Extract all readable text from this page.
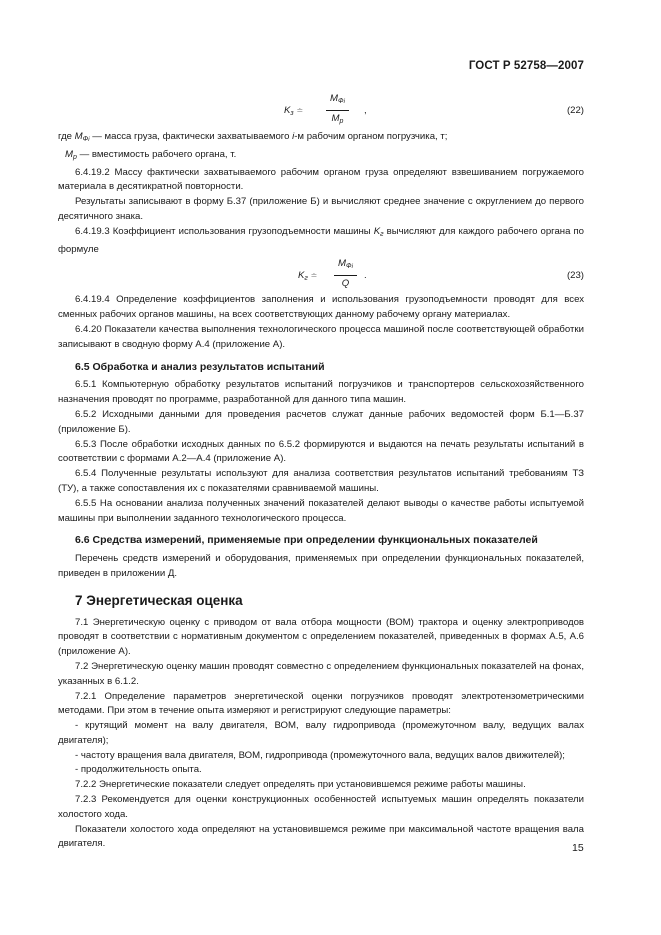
ГОСТ Р 52758—2007
$K_з$ ≐
$M_{Фi}$
$M_р$
,	(22)
где $M_{Фi}$ — масса груза, фактически захватываемого i-м рабочим органом погрузчика, т;
$M_р$ — вместимость рабочего органа, т.
6.4.19.2 Массу фактически захватываемого рабочим органом груза определяют взвешиванием погружаемого материала в десятикратной повторности.
Результаты записывают в форму Б.37 (приложение Б) и вычисляют среднее значение с округлением до первого десятичного знака.
6.4.19.3 Коэффициент использования грузоподъемности машины $K_г$ вычисляют для каждого рабочего органа по формуле
$K_г$ ≐
$M_{Фi}$
Q
.	(23)
6.4.19.4 Определение коэффициентов заполнения и использования грузоподъемности проводят для всех сменных рабочих органов машины, на всех соответствующих данному рабочему органу материалах.
6.4.20 Показатели качества выполнения технологического процесса машиной после соответствующей обработки записывают в сводную форму А.4 (приложение А).
6.5 Обработка и анализ результатов испытаний
6.5.1 Компьютерную обработку результатов испытаний погрузчиков и транспортеров сельскохозяйственного назначения проводят по программе, разработанной для данного типа машин.
6.5.2 Исходными данными для проведения расчетов служат данные рабочих ведомостей форм Б.1—Б.37 (приложение Б).
6.5.3 После обработки исходных данных по 6.5.2 формируются и выдаются на печать результаты испытаний в соответствии с формами А.2—А.4 (приложение А).
6.5.4 Полученные результаты используют для анализа соответствия результатов испытаний требованиям ТЗ (ТУ), а также сопоставления их с показателями сравниваемой машины.
6.5.5 На основании анализа полученных значений показателей делают выводы о качестве работы испытуемой машины при выполнении заданного технологического процесса.
6.6 Средства измерений, применяемые при определении функциональных показателей
Перечень средств измерений и оборудования, применяемых при определении функциональных показателей, приведен в приложении Д.
7 Энергетическая оценка
7.1 Энергетическую оценку с приводом от вала отбора мощности (ВОМ) трактора и оценку электроприводов проводят в соответствии с нормативным документом с определением показателей, приведенных в формах А.5, А.6 (приложение А).
7.2 Энергетическую оценку машин проводят совместно с определением функциональных показателей на фонах, указанных в 6.1.2.
7.2.1 Определение параметров энергетической оценки погрузчиков проводят электротензометрическими методами. При этом в течение опыта измеряют и регистрируют следующие параметры:
- крутящий момент на валу двигателя, ВОМ, валу гидропривода (промежуточном валу, ведущих валах двигателя);
- частоту вращения вала двигателя, ВОМ, гидропривода (промежуточного вала, ведущих валов движителей);
- продолжительность опыта.
7.2.2 Энергетические показатели следует определять при установившемся режиме работы машины.
7.2.3 Рекомендуется для оценки конструкционных особенностей испытуемых машин определять показатели холостого хода.
Показатели холостого хода определяют на установившемся режиме при максимальной частоте вращения вала двигателя.	15
